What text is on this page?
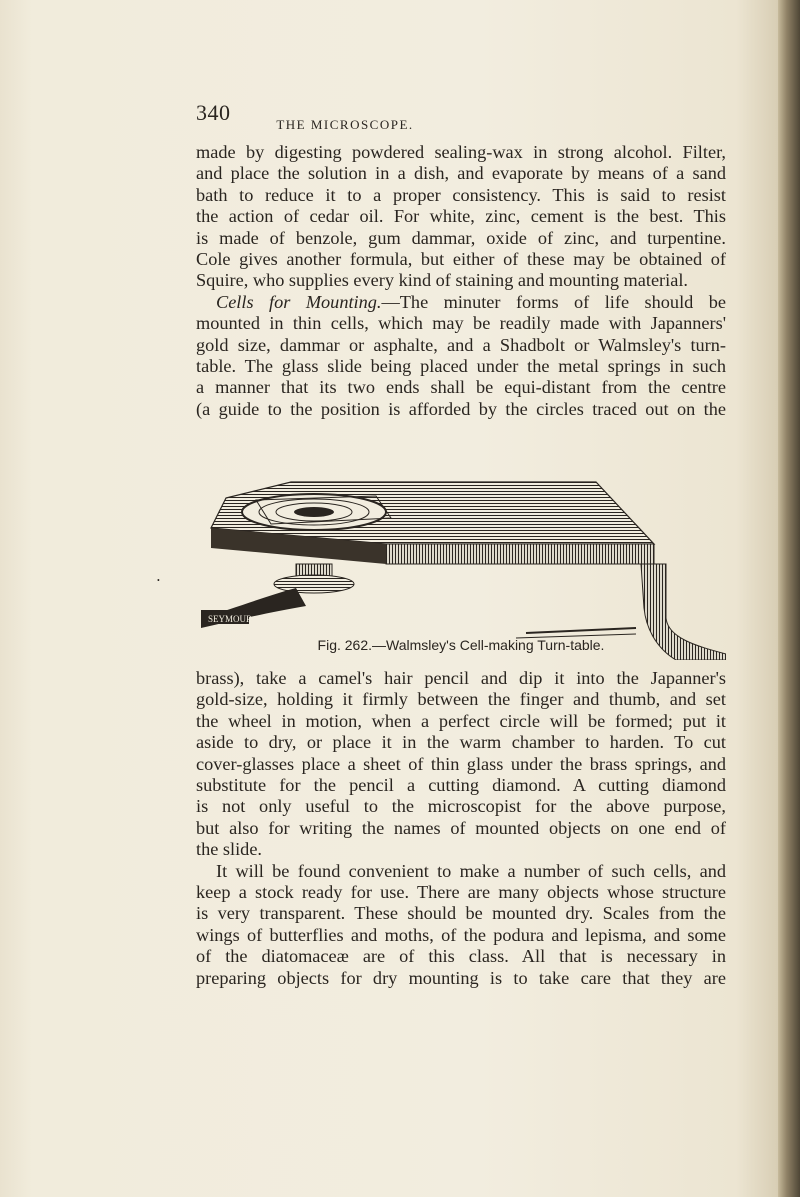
340	THE MICROSCOPE.
made by digesting powdered sealing-wax in strong alcohol. Filter,
and place the solution in a dish, and evaporate by means of a sand
bath to reduce it to a proper consistency. This is said to resist
the action of cedar oil. For white, zinc, cement is the best. This
is made of benzole, gum dammar, oxide of zinc, and turpentine.
Cole gives another formula, but either of these may be obtained of
Squire, who supplies every kind of staining and mounting material.
Cells for Mounting.—The minuter forms of life should be
mounted in thin cells, which may be readily made with Japanners'
gold size, dammar or asphalte, and a Shadbolt or Walmsley's turn-
table. The glass slide being placed under the metal springs in such
a manner that its two ends shall be equi-distant from the centre
(a guide to the position is afforded by the circles traced out on the
SEYMOUR
•
Fig. 262.—Walmsley's Cell-making Turn-table.
brass), take a camel's hair pencil and dip it into the Japanner's
gold-size, holding it firmly between the finger and thumb, and set
the wheel in motion, when a perfect circle will be formed; put it
aside to dry, or place it in the warm chamber to harden. To cut
cover-glasses place a sheet of thin glass under the brass springs, and
substitute for the pencil a cutting diamond. A cutting diamond
is not only useful to the microscopist for the above purpose,
but also for writing the names of mounted objects on one end of
the slide.
It will be found convenient to make a number of such cells, and
keep a stock ready for use. There are many objects whose structure
is very transparent. These should be mounted dry. Scales from the
wings of butterflies and moths, of the podura and lepisma, and some
of the diatomaceæ are of this class. All that is necessary in
preparing objects for dry mounting is to take care that they are
